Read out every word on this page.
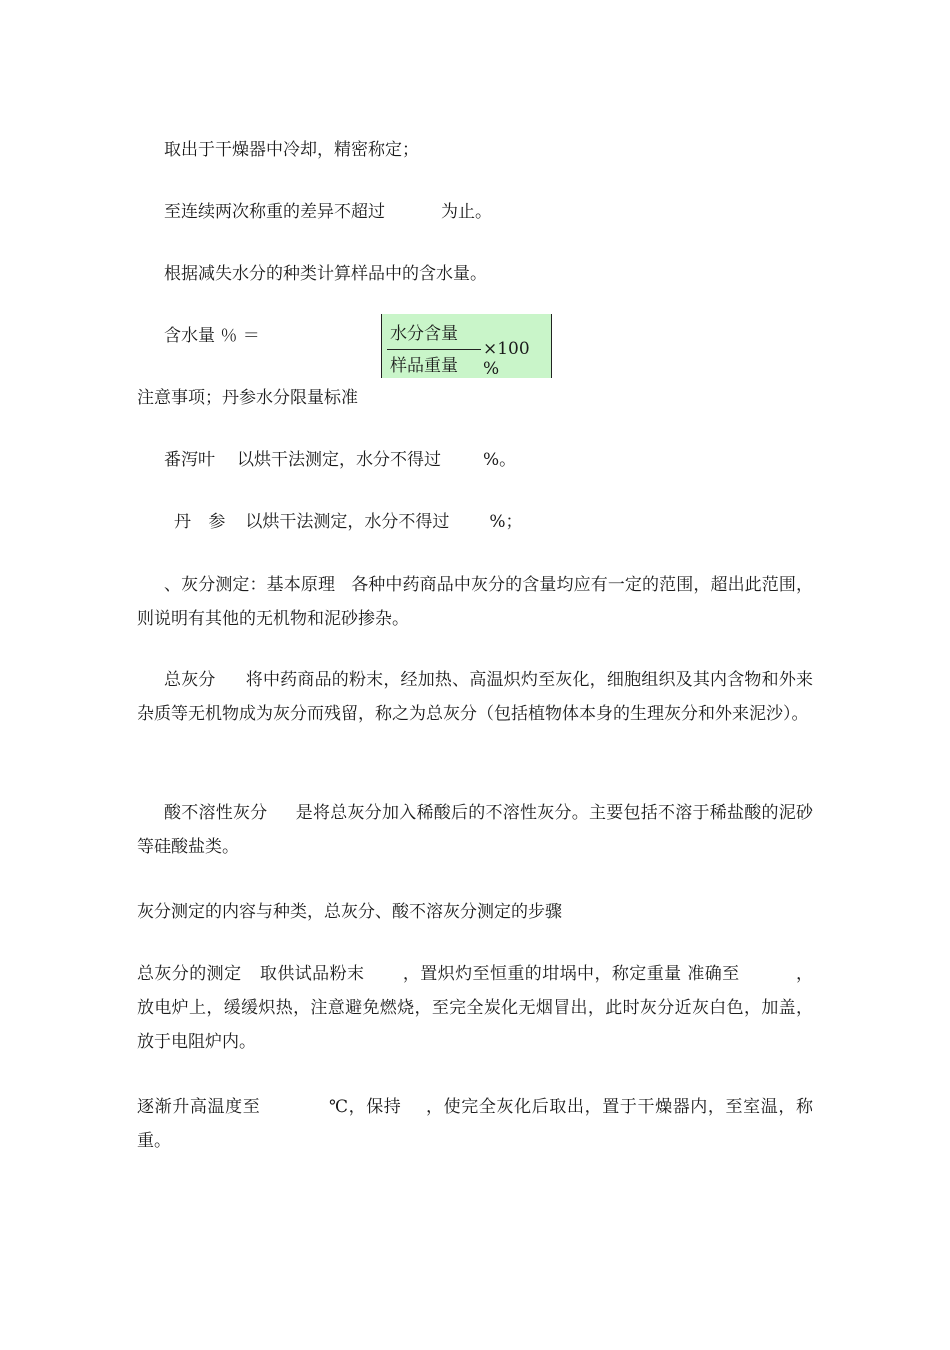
取出于干燥器中冷却，精密称定；
至连续两次称重的差异不超过	为止。
根据减失水分的种类计算样品中的含水量。
含水量 ％ ＝	水分含量
样品重量
×100 %
注意事项；丹参水分限量标准
番泻叶 以烘干法测定，水分不得过 %。
丹 参 以烘干法测定，水分不得过 %；
、灰分测定：基本原理 各种中药商品中灰分的含量均应有一定的范围，超出此范围，则说明有其他的无机物和泥砂掺杂。
总灰分 将中药商品的粉末，经加热、高温炽灼至灰化，细胞组织及其内含物和外来杂质等无机物成为灰分而残留，称之为总灰分（包括植物体本身的生理灰分和外来泥沙）。
酸不溶性灰分 是将总灰分加入稀酸后的不溶性灰分。主要包括不溶于稀盐酸的泥砂等硅酸盐类。
灰分测定的内容与种类，总灰分、酸不溶灰分测定的步骤
总灰分的测定 取供试品粉末 ，置炽灼至恒重的坩埚中，称定重量 准确至	，放电炉上，缓缓炽热，注意避免燃烧，至完全炭化无烟冒出，此时灰分近灰白色，加盖，放于电阻炉内。
逐渐升高温度至	℃，保持 ，使完全灰化后取出，置于干燥器内，至室温，称重。
